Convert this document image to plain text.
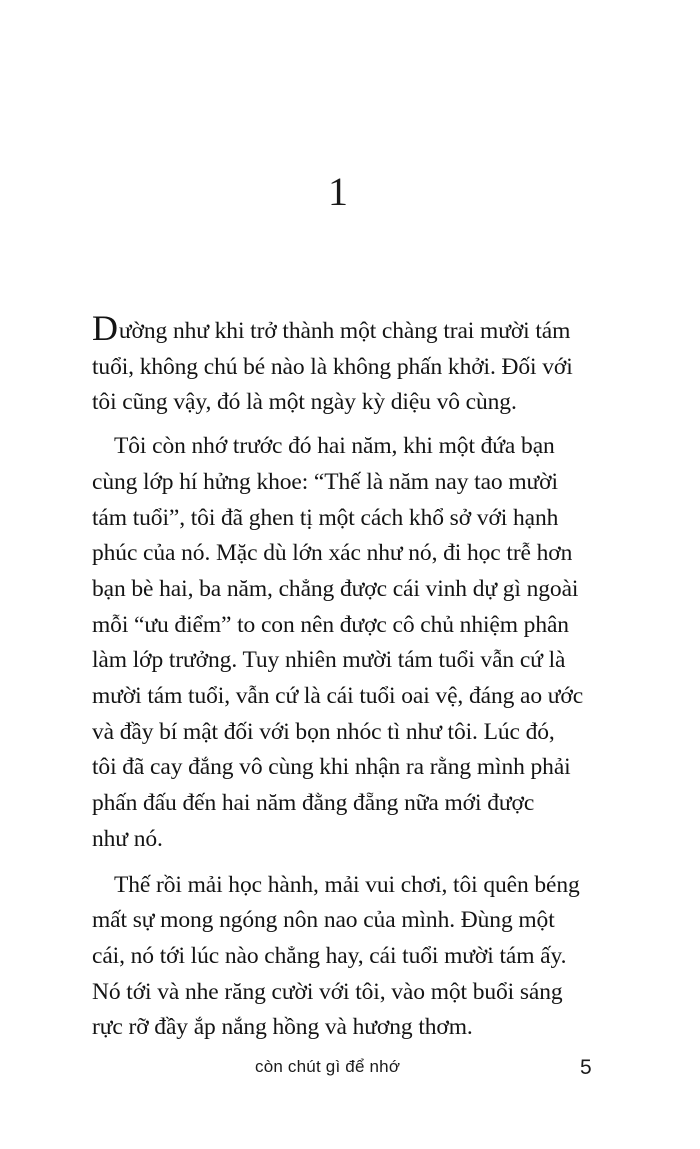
1
Dường như khi trở thành một chàng trai mười tám
tuổi, không chú bé nào là không phấn khởi. Đối với
tôi cũng vậy, đó là một ngày kỳ diệu vô cùng.
Tôi còn nhớ trước đó hai năm, khi một đứa bạn
cùng lớp hí hửng khoe: “Thế là năm nay tao mười
tám tuổi”, tôi đã ghen tị một cách khổ sở với hạnh
phúc của nó. Mặc dù lớn xác như nó, đi học trễ hơn
bạn bè hai, ba năm, chẳng được cái vinh dự gì ngoài
mỗi “ưu điểm” to con nên được cô chủ nhiệm phân
làm lớp trưởng. Tuy nhiên mười tám tuổi vẫn cứ là
mười tám tuổi, vẫn cứ là cái tuổi oai vệ, đáng ao ước
và đầy bí mật đối với bọn nhóc tì như tôi. Lúc đó,
tôi đã cay đắng vô cùng khi nhận ra rằng mình phải
phấn đấu đến hai năm đằng đẵng nữa mới được
như nó.
Thế rồi mải học hành, mải vui chơi, tôi quên béng
mất sự mong ngóng nôn nao của mình. Đùng một
cái, nó tới lúc nào chẳng hay, cái tuổi mười tám ấy.
Nó tới và nhe răng cười với tôi, vào một buổi sáng
rực rỡ đầy ắp nắng hồng và hương thơm.
còn chút gì để nhớ	5
